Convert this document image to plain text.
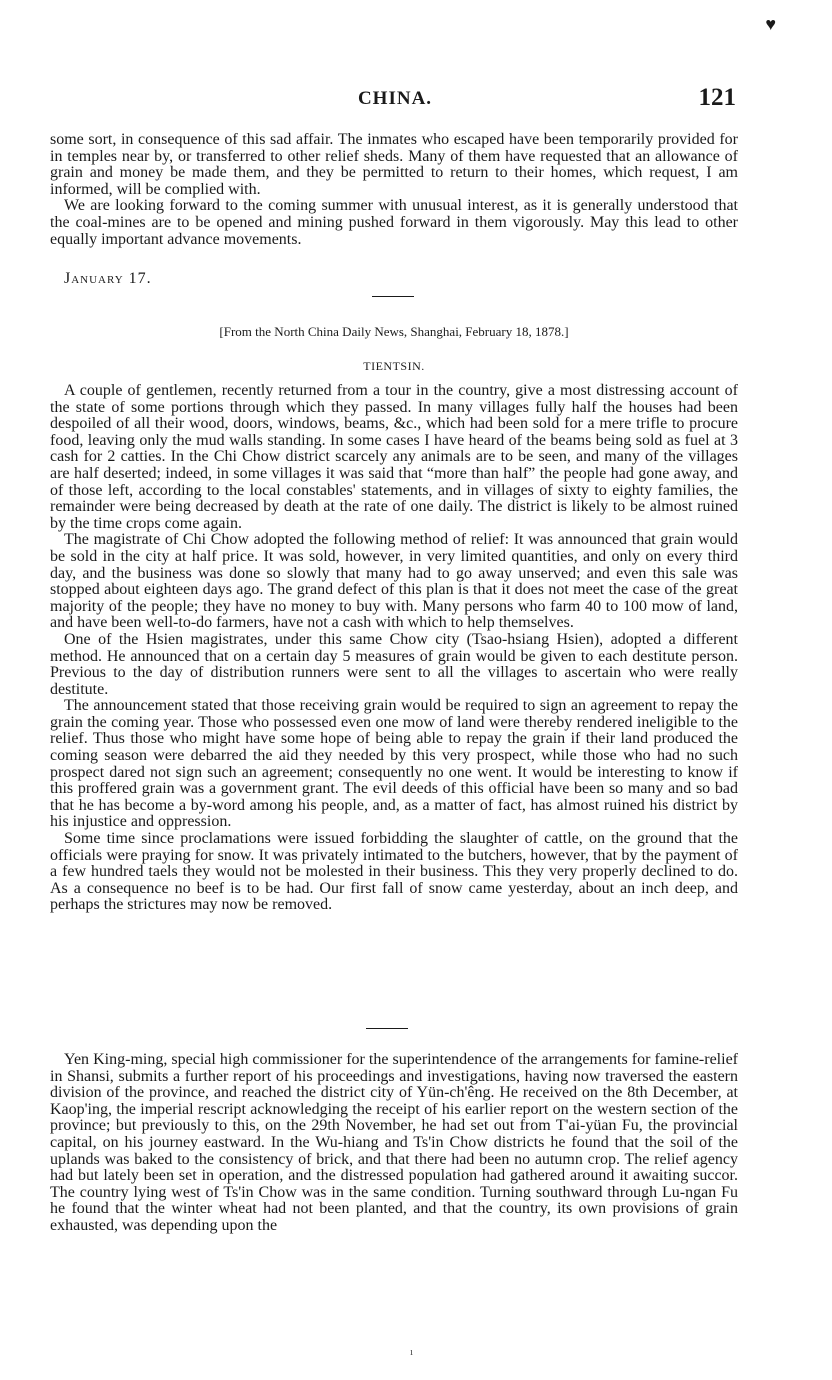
CHINA.	121
♥

some sort, in consequence of this sad affair. The inmates who escaped have been temporarily provided for in temples near by, or transferred to other relief sheds. Many of them have requested that an allowance of grain and money be made them, and they be permitted to return to their homes, which request, I am informed, will be complied with.

We are looking forward to the coming summer with unusual interest, as it is generally understood that the coal-mines are to be opened and mining pushed forward in them vigorously. May this lead to other equally important advance movements.

January 17.
[From the North China Daily News, Shanghai, February 18, 1878.]
TIENTSIN.

A couple of gentlemen, recently returned from a tour in the country, give a most distressing account of the state of some portions through which they passed. In many villages fully half the houses had been despoiled of all their wood, doors, windows, beams, &c., which had been sold for a mere trifle to procure food, leaving only the mud walls standing. In some cases I have heard of the beams being sold as fuel at 3 cash for 2 catties. In the Chi Chow district scarcely any animals are to be seen, and many of the villages are half deserted; indeed, in some villages it was said that “more than half” the people had gone away, and of those left, according to the local constables' statements, and in villages of sixty to eighty families, the remainder were being decreased by death at the rate of one daily. The district is likely to be almost ruined by the time crops come again.

The magistrate of Chi Chow adopted the following method of relief: It was announced that grain would be sold in the city at half price. It was sold, however, in very limited quantities, and only on every third day, and the business was done so slowly that many had to go away unserved; and even this sale was stopped about eighteen days ago. The grand defect of this plan is that it does not meet the case of the great majority of the people; they have no money to buy with. Many persons who farm 40 to 100 mow of land, and have been well-to-do farmers, have not a cash with which to help themselves.

One of the Hsien magistrates, under this same Chow city (Tsao-hsiang Hsien), adopted a different method. He announced that on a certain day 5 measures of grain would be given to each destitute person. Previous to the day of distribution runners were sent to all the villages to ascertain who were really destitute.

The announcement stated that those receiving grain would be required to sign an agreement to repay the grain the coming year. Those who possessed even one mow of land were thereby rendered ineligible to the relief. Thus those who might have some hope of being able to repay the grain if their land produced the coming season were debarred the aid they needed by this very prospect, while those who had no such prospect dared not sign such an agreement; consequently no one went. It would be interesting to know if this proffered grain was a government grant. The evil deeds of this official have been so many and so bad that he has become a by-word among his people, and, as a matter of fact, has almost ruined his district by his injustice and oppression.

Some time since proclamations were issued forbidding the slaughter of cattle, on the ground that the officials were praying for snow. It was privately intimated to the butchers, however, that by the payment of a few hundred taels they would not be molested in their business. This they very properly declined to do. As a consequence no beef is to be had. Our first fall of snow came yesterday, about an inch deep, and perhaps the strictures may now be removed.

Yen King-ming, special high commissioner for the superintendence of the arrangements for famine-relief in Shansi, submits a further report of his proceedings and investigations, having now traversed the eastern division of the province, and reached the district city of Yün-ch'êng. He received on the 8th December, at Kaop'ing, the imperial rescript acknowledging the receipt of his earlier report on the western section of the province; but previously to this, on the 29th November, he had set out from T'ai-yüan Fu, the provincial capital, on his journey eastward. In the Wu-hiang and Ts'in Chow districts he found that the soil of the uplands was baked to the consistency of brick, and that there had been no autumn crop. The relief agency had but lately been set in operation, and the distressed population had gathered around it awaiting succor. The country lying west of Ts'in Chow was in the same condition. Turning southward through Lu-ngan Fu he found that the winter wheat had not been planted, and that the country, its own provisions of grain exhausted, was depending upon the

ı
